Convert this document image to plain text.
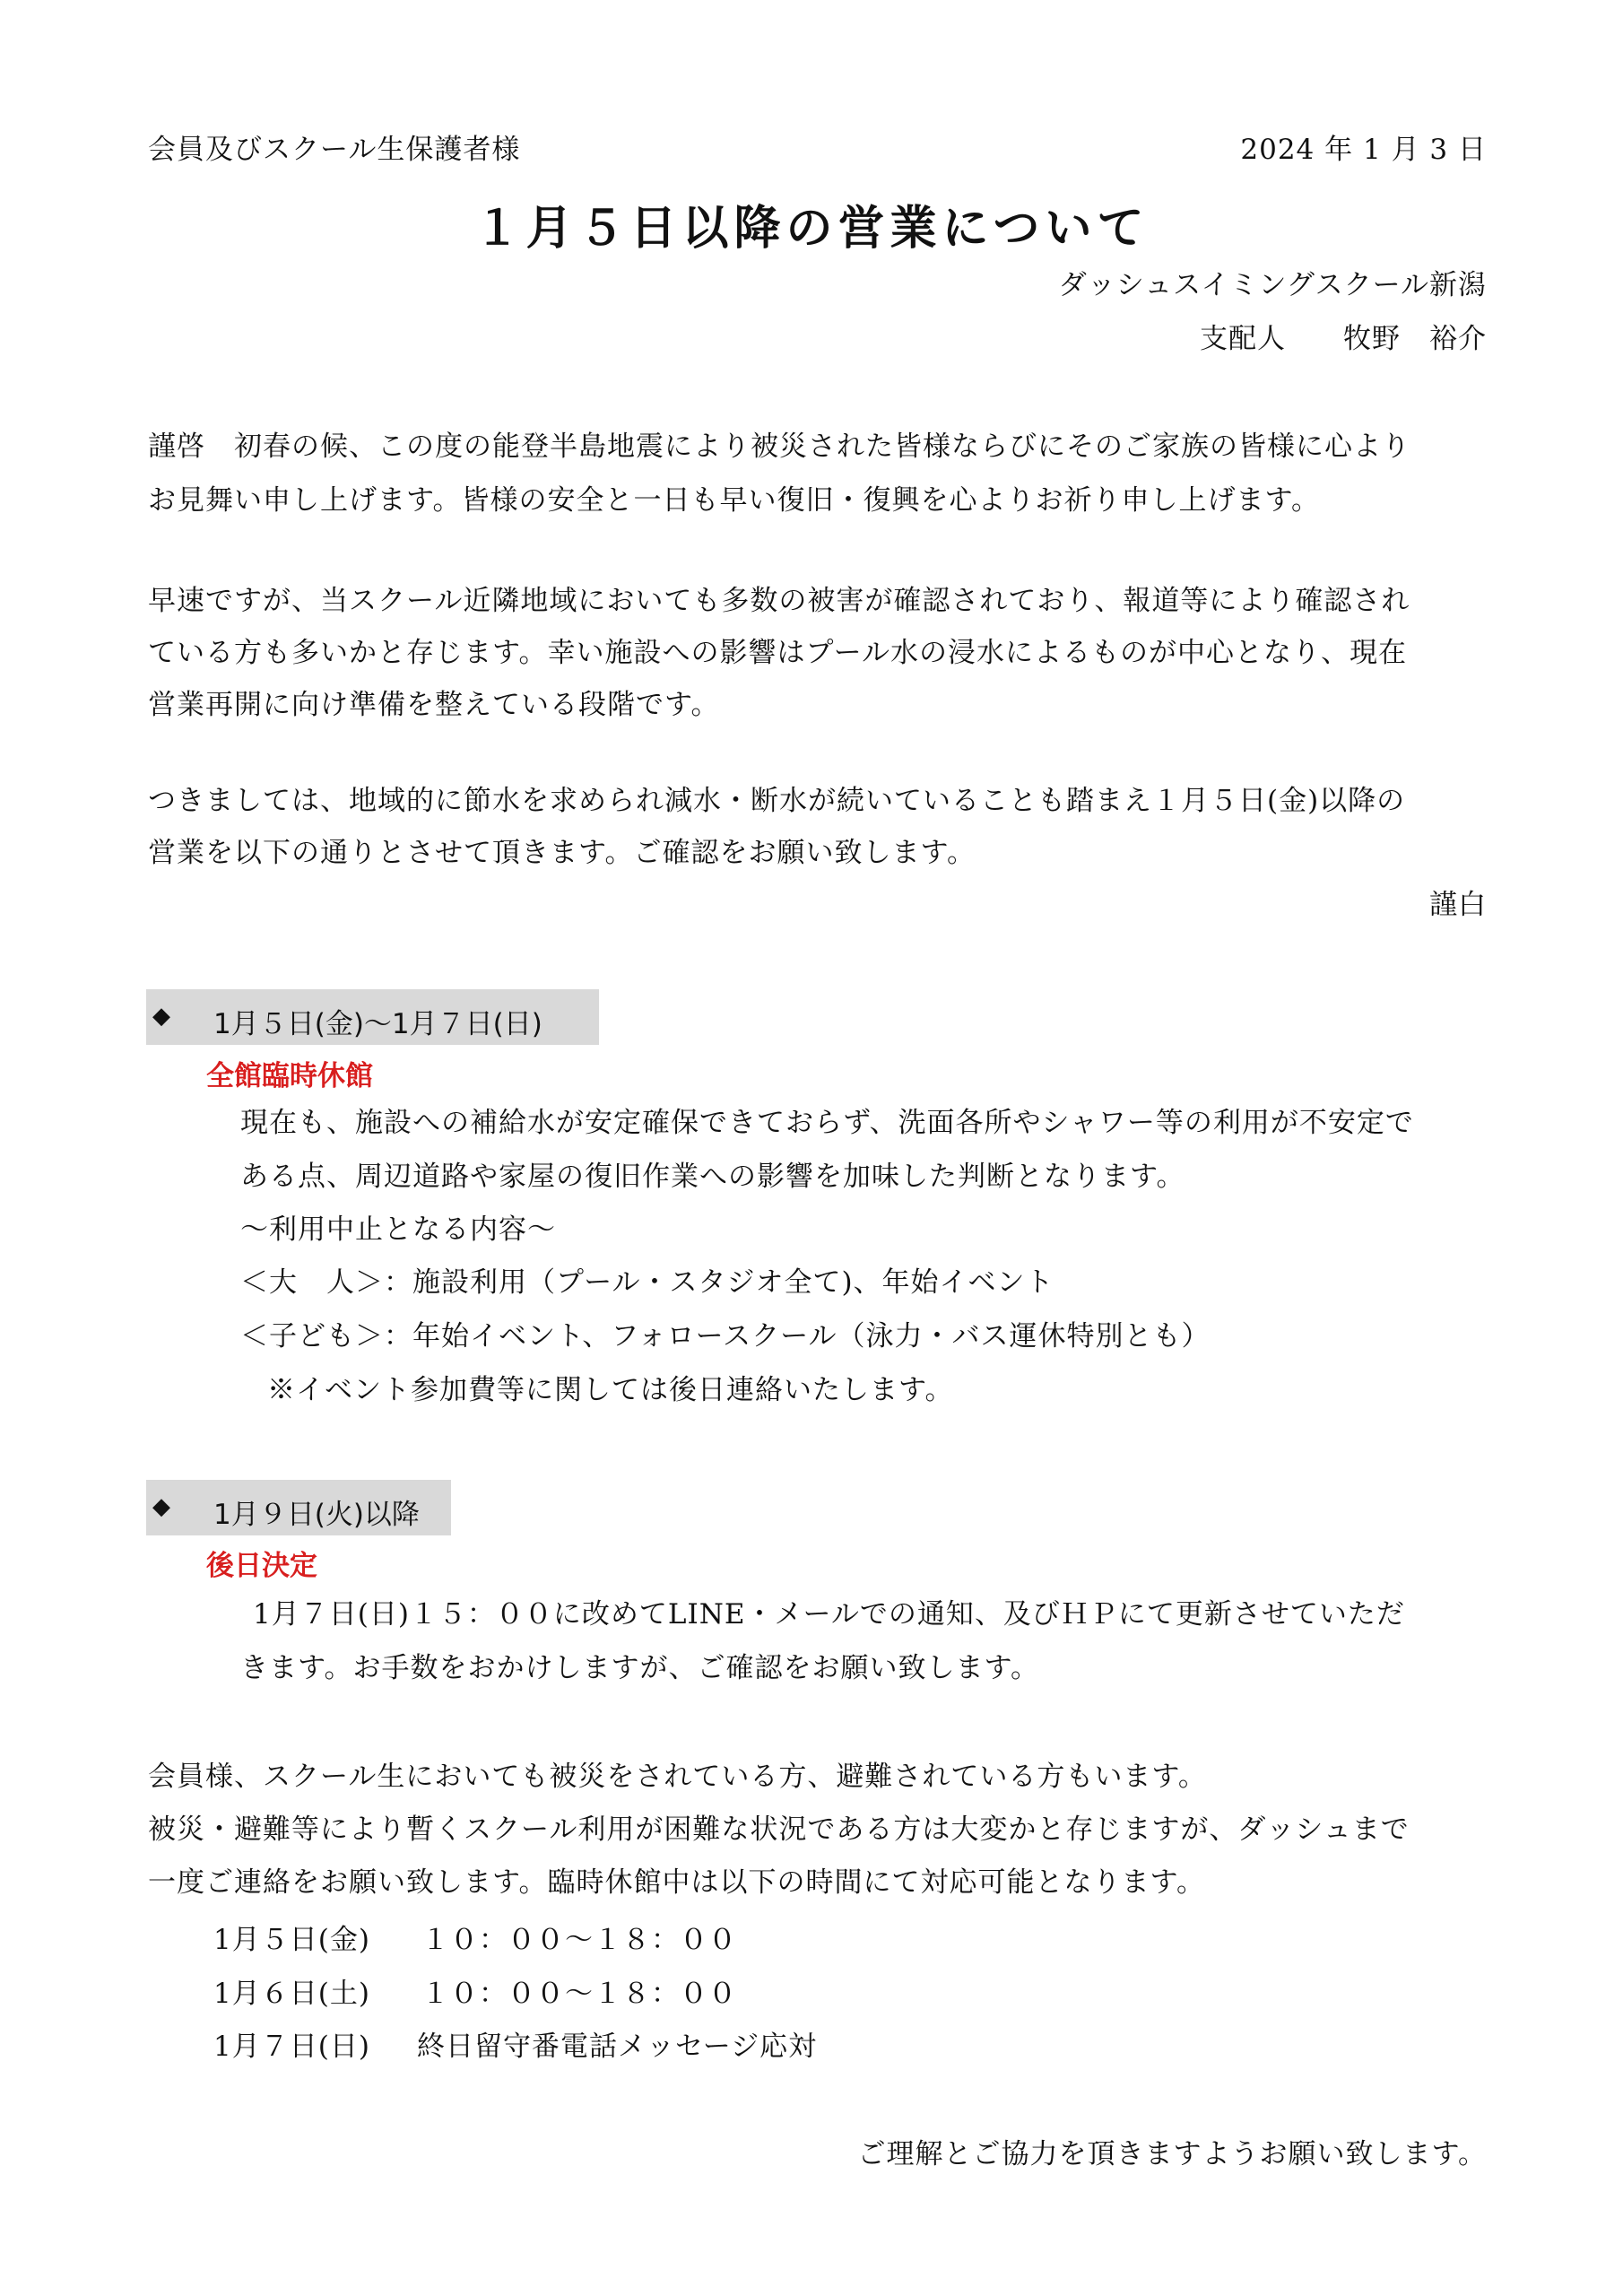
会員及びスクール生保護者様	2024 年 1 月 3 日
１月５日以降の営業について
ダッシュスイミングスクール新潟
支配人　　牧野　裕介
謹啓　初春の候、この度の能登半島地震により被災された皆様ならびにそのご家族の皆様に心より
お見舞い申し上げます。皆様の安全と一日も早い復旧・復興を心よりお祈り申し上げます。
早速ですが、当スクール近隣地域においても多数の被害が確認されており、報道等により確認され
ている方も多いかと存じます。幸い施設への影響はプール水の浸水によるものが中心となり、現在
営業再開に向け準備を整えている段階です。
つきましては、地域的に節水を求められ減水・断水が続いていることも踏まえ１月５日(金)以降の
営業を以下の通りとさせて頂きます。ご確認をお願い致します。
謹白
◆ 1月５日(金)～1月７日(日)
全館臨時休館
現在も、施設への補給水が安定確保できておらず、洗面各所やシャワー等の利用が不安定で
ある点、周辺道路や家屋の復旧作業への影響を加味した判断となります。
～利用中止となる内容～
＜大　人＞：施設利用（プール・スタジオ全て)、年始イベント
＜子ども＞：年始イベント、フォロースクール（泳力・バス運休特別とも）
※イベント参加費等に関しては後日連絡いたします。
◆ 1月９日(火)以降
後日決定
1月７日(日)１５：００に改めてLINE・メールでの通知、及びＨＰにて更新させていただ
きます。お手数をおかけしますが、ご確認をお願い致します。
会員様、スクール生においても被災をされている方、避難されている方もいます。
被災・避難等により暫くスクール利用が困難な状況である方は大変かと存じますが、ダッシュまで
一度ご連絡をお願い致します。臨時休館中は以下の時間にて対応可能となります。
1月５日(金) １０：００～１８：００
1月６日(土) １０：００～１８：００
1月７日(日) 終日留守番電話メッセージ応対
ご理解とご協力を頂きますようお願い致します。
